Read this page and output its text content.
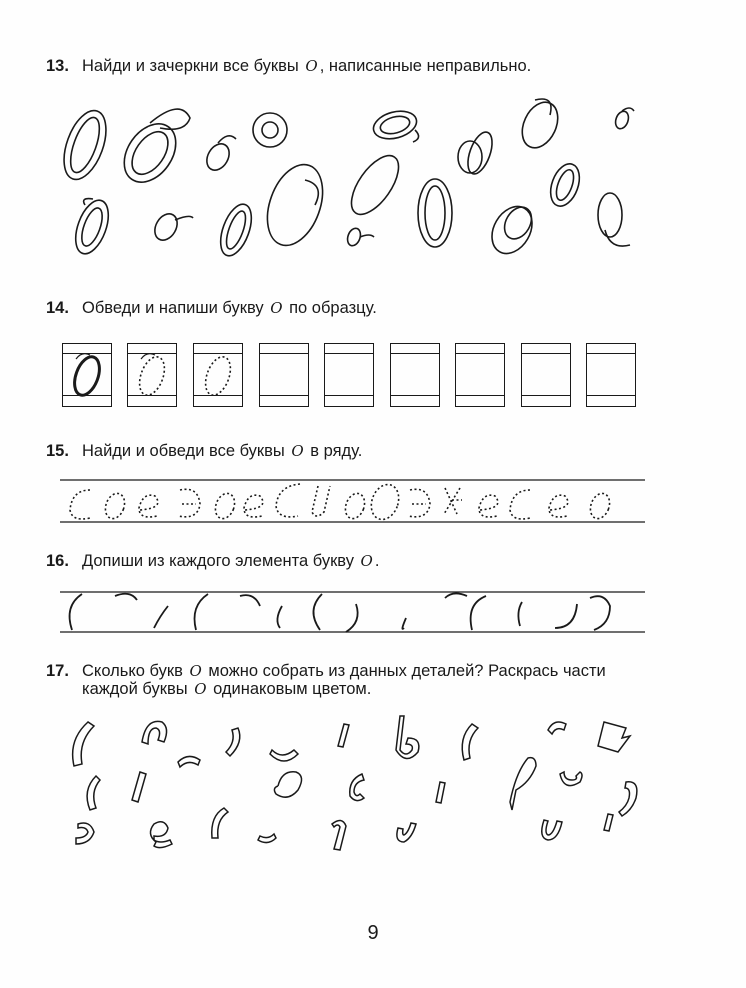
13. Найди и зачеркни все буквы О , написанные неправильно.
14. Обведи и напиши букву О по образцу.
15. Найди и обведи все буквы О в ряду.
16. Допиши из каждого элемента букву О .
17. Сколько букв О можно собрать из данных деталей? Раскрась части
каждой буквы О одинаковым цветом.
9
